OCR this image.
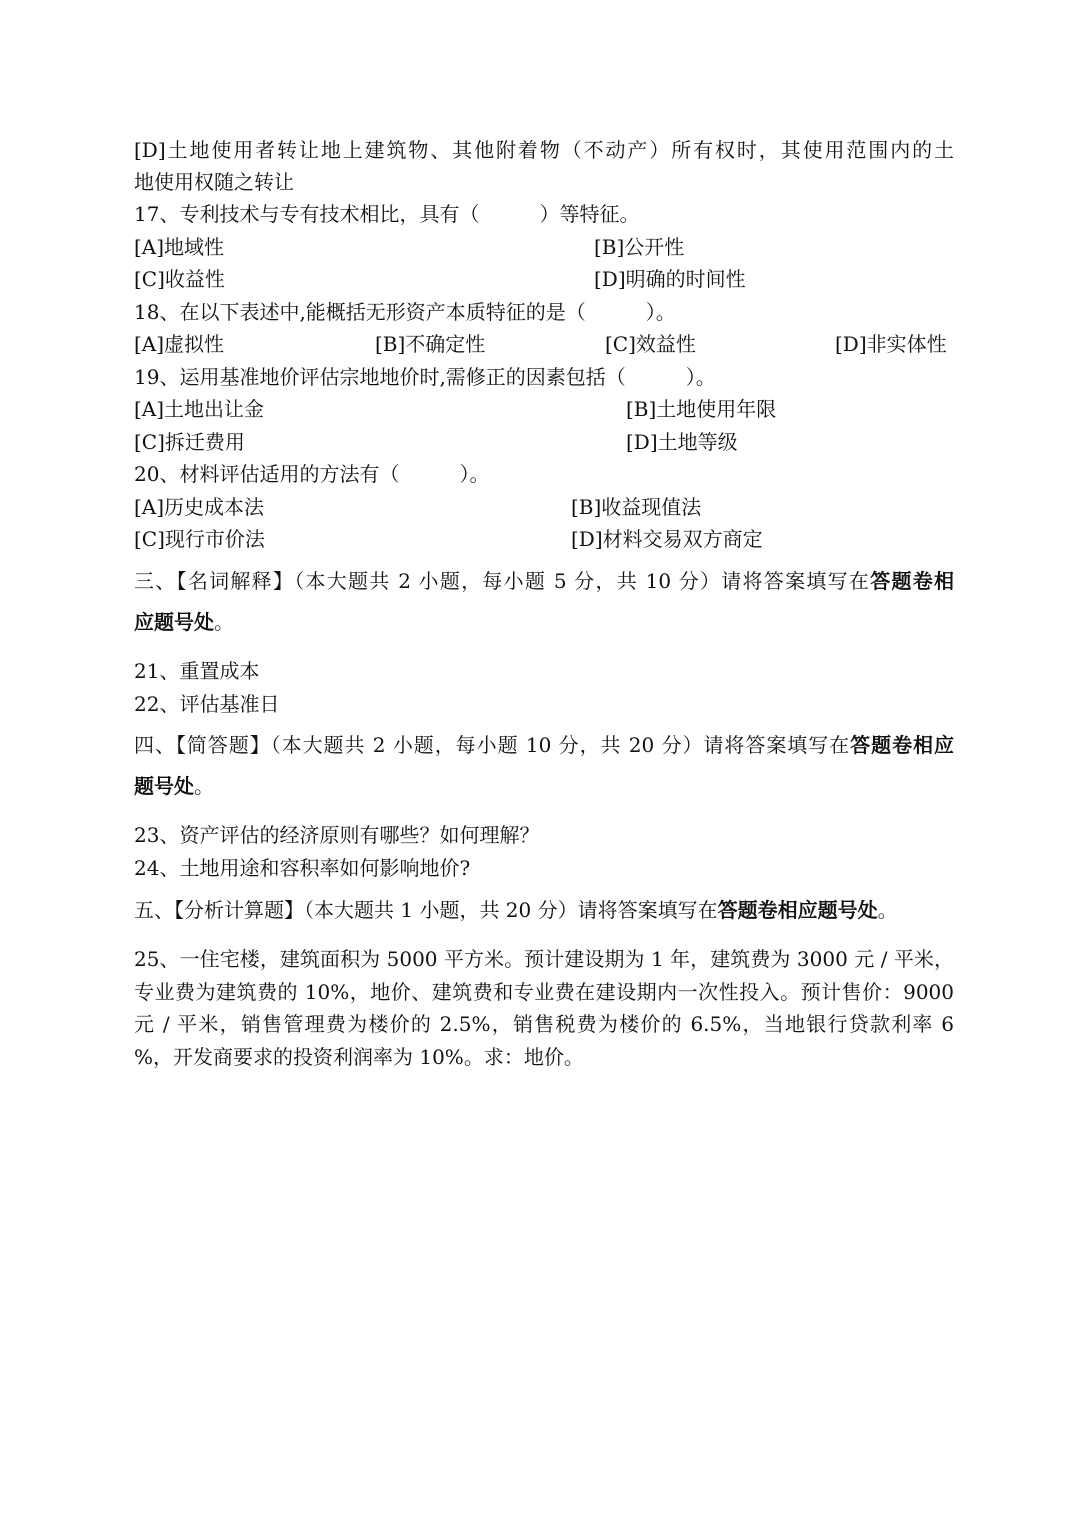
[D]土地使用者转让地上建筑物、其他附着物（不动产）所有权时，其使用范围内的土
地使用权随之转让
17、专利技术与专有技术相比，具有（　　　）等特征。
[A]地域性	[B]公开性
[C]收益性	[D]明确的时间性
18、在以下表述中,能概括无形资产本质特征的是（　　　）。
[A]虚拟性	[B]不确定性	[C]效益性	[D]非实体性
19、运用基准地价评估宗地地价时,需修正的因素包括（　　　）。
[A]土地出让金	[B]土地使用年限
[C]拆迁费用	[D]土地等级
20、材料评估适用的方法有（　　　）。
[A]历史成本法	[B]收益现值法
[C]现行市价法	[D]材料交易双方商定
三、【名词解释】（本大题共 2 小题，每小题 5 分，共 10 分）请将答案填写在答题卷相
应题号处。
21、重置成本
22、评估基准日
四、【简答题】（本大题共 2 小题，每小题 10 分，共 20 分）请将答案填写在答题卷相应
题号处。
23、资产评估的经济原则有哪些？如何理解？
24、土地用途和容积率如何影响地价?
五、【分析计算题】（本大题共 1 小题，共 20 分）请将答案填写在答题卷相应题号处。
25、一住宅楼，建筑面积为 5000 平方米。预计建设期为 1 年，建筑费为 3000 元 / 平米，
专业费为建筑费的 10%，地价、建筑费和专业费在建设期内一次性投入。预计售价：9000
元 / 平米，销售管理费为楼价的 2.5%，销售税费为楼价的 6.5%，当地银行贷款利率 6
%，开发商要求的投资利润率为 10%。求：地价。
